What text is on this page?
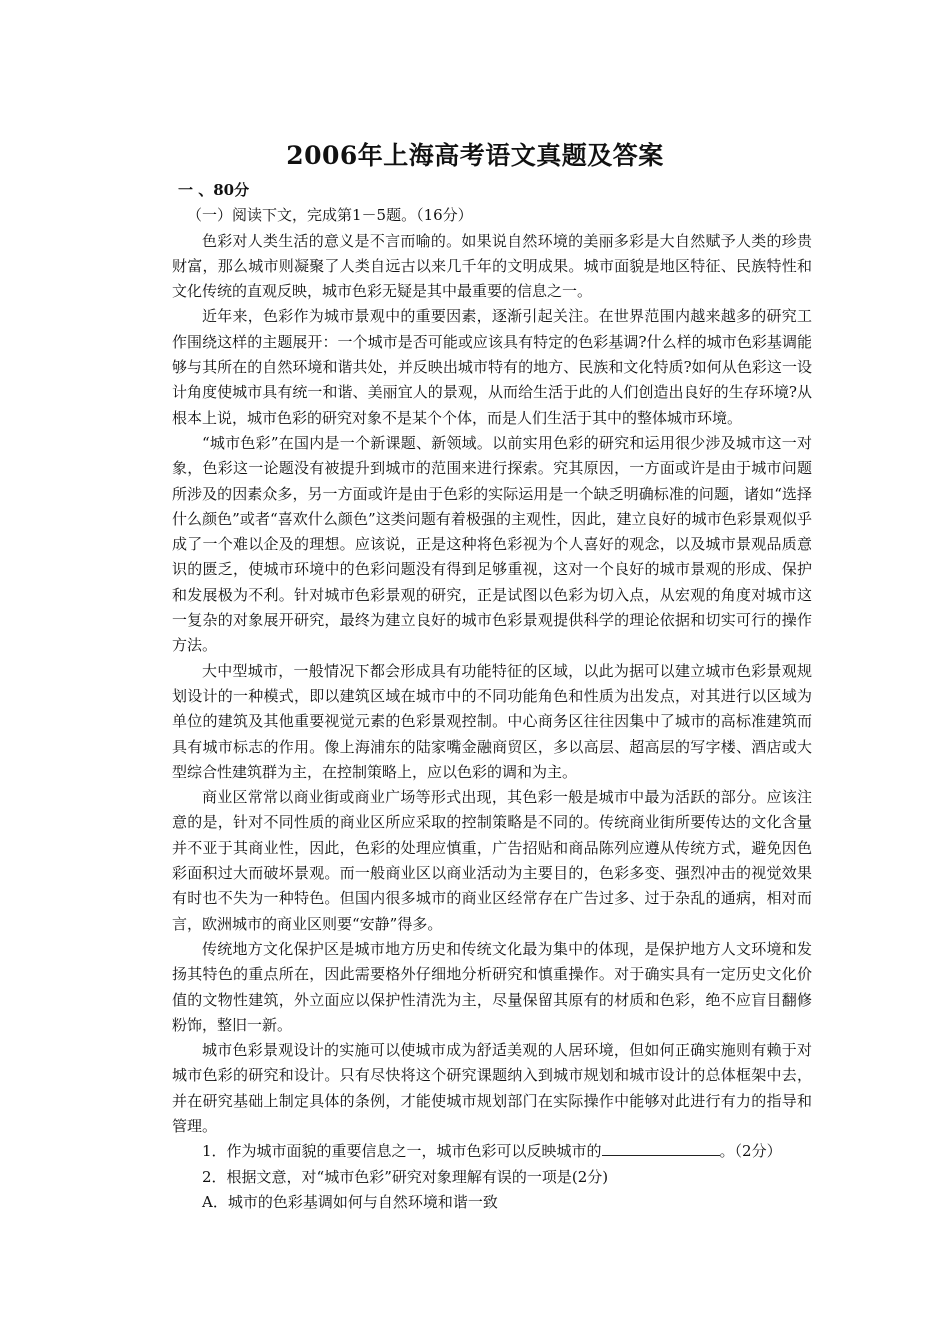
2006年上海高考语文真题及答案

一 、80分

（一）阅读下文，完成第1－5题。（16分）

色彩对人类生活的意义是不言而喻的。如果说自然环境的美丽多彩是大自然赋予人类的珍贵财富，那么城市则凝聚了人类自远古以来几千年的文明成果。城市面貌是地区特征、民族特性和文化传统的直观反映，城市色彩无疑是其中最重要的信息之一。

近年来，色彩作为城市景观中的重要因素，逐渐引起关注。在世界范围内越来越多的研究工作围绕这样的主题展开：一个城市是否可能或应该具有特定的色彩基调?什么样的城市色彩基调能够与其所在的自然环境和谐共处，并反映出城市特有的地方、民族和文化特质?如何从色彩这一设计角度使城市具有统一和谐、美丽宜人的景观，从而给生活于此的人们创造出良好的生存环境?从根本上说，城市色彩的研究对象不是某个个体，而是人们生活于其中的整体城市环境。

“城市色彩”在国内是一个新课题、新领域。以前实用色彩的研究和运用很少涉及城市这一对象，色彩这一论题没有被提升到城市的范围来进行探索。究其原因，一方面或许是由于城市问题所涉及的因素众多，另一方面或许是由于色彩的实际运用是一个缺乏明确标准的问题，诸如“选择什么颜色”或者“喜欢什么颜色”这类问题有着极强的主观性，因此，建立良好的城市色彩景观似乎成了一个难以企及的理想。应该说，正是这种将色彩视为个人喜好的观念，以及城市景观品质意识的匮乏，使城市环境中的色彩问题没有得到足够重视，这对一个良好的城市景观的形成、保护和发展极为不利。针对城市色彩景观的研究，正是试图以色彩为切入点，从宏观的角度对城市这一复杂的对象展开研究，最终为建立良好的城市色彩景观提供科学的理论依据和切实可行的操作方法。

大中型城市，一般情况下都会形成具有功能特征的区域，以此为据可以建立城市色彩景观规划设计的一种模式，即以建筑区域在城市中的不同功能角色和性质为出发点，对其进行以区域为单位的建筑及其他重要视觉元素的色彩景观控制。中心商务区往往因集中了城市的高标准建筑而具有城市标志的作用。像上海浦东的陆家嘴金融商贸区，多以高层、超高层的写字楼、酒店或大型综合性建筑群为主，在控制策略上，应以色彩的调和为主。

商业区常常以商业街或商业广场等形式出现，其色彩一般是城市中最为活跃的部分。应该注意的是，针对不同性质的商业区所应采取的控制策略是不同的。传统商业街所要传达的文化含量并不亚于其商业性，因此，色彩的处理应慎重，广告招贴和商品陈列应遵从传统方式，避免因色彩面积过大而破坏景观。而一般商业区以商业活动为主要目的，色彩多变、强烈冲击的视觉效果有时也不失为一种特色。但国内很多城市的商业区经常存在广告过多、过于杂乱的通病，相对而言，欧洲城市的商业区则要“安静”得多。

传统地方文化保护区是城市地方历史和传统文化最为集中的体现，是保护地方人文环境和发扬其特色的重点所在，因此需要格外仔细地分析研究和慎重操作。对于确实具有一定历史文化价值的文物性建筑，外立面应以保护性清洗为主，尽量保留其原有的材质和色彩，绝不应盲目翻修粉饰，整旧一新。

城市色彩景观设计的实施可以使城市成为舒适美观的人居环境，但如何正确实施则有赖于对城市色彩的研究和设计。只有尽快将这个研究课题纳入到城市规划和城市设计的总体框架中去，并在研究基础上制定具体的条例，才能使城市规划部门在实际操作中能够对此进行有力的指导和管理。

1．作为城市面貌的重要信息之一，城市色彩可以反映城市的	。（2分）

2．根据文意，对“城市色彩”研究对象理解有误的一项是(2分)

A．城市的色彩基调如何与自然环境和谐一致
